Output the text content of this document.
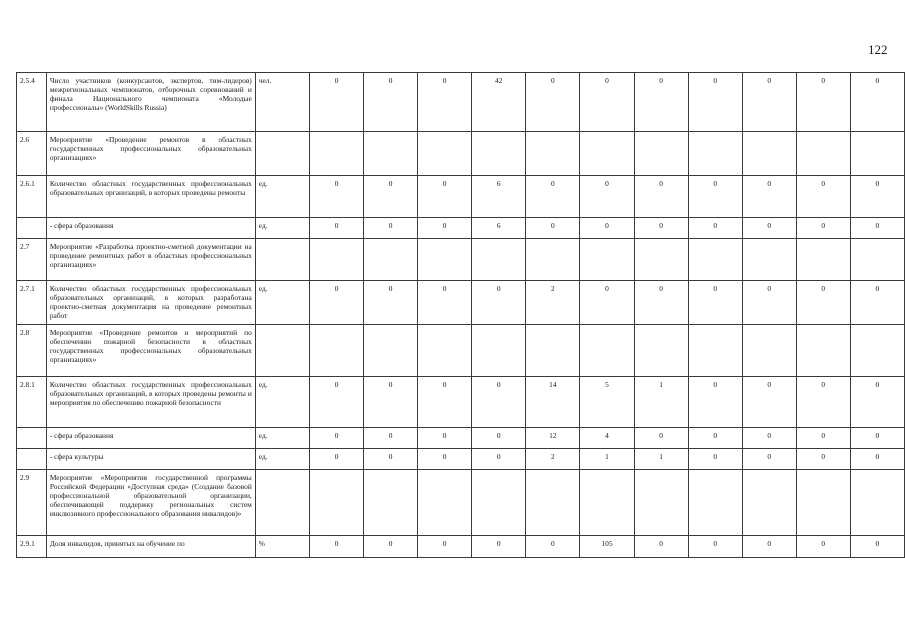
122
2.5.4	Число участников (конкурсантов, экспертов, тим-лидеров) межрегиональных чемпионатов, отборочных соревнований и финала Национального чемпионата «Молодые профессионалы» (WorldSkills Russia)	чел.	0	0	0	42	0	0	0	0	0	0	0
2.6	Мероприятие «Проведение ремонтов в областных государственных профессиональных образовательных организациях»												
2.6.1	Количество областных государственных профессиональных образовательных организаций, в которых проведены ремонты	ед.	0	0	0	6	0	0	0	0	0	0	0
	- сфера образования	ед.	0	0	0	6	0	0	0	0	0	0	0
2.7	Мероприятие «Разработка проектно-сметной документации на проведение ремонтных работ в областных профессиональных организациях»												
2.7.1	Количество областных государственных профессиональных образовательных организаций, в которых разработана проектно-сметная документация на проведение ремонтных работ	ед.	0	0	0	0	2	0	0	0	0	0	0
2.8	Мероприятие «Проведение ремонтов и мероприятий по обеспечению пожарной безопасности в областных государственных профессиональных образовательных организациях»												
2.8.1	Количество областных государственных профессиональных образовательных организаций, в которых проведены ремонты и мероприятия по обеспечению пожарной безопасности	ед.	0	0	0	0	14	5	1	0	0	0	0
	- сфера образования	ед.	0	0	0	0	12	4	0	0	0	0	0
	- сфера культуры	ед.	0	0	0	0	2	1	1	0	0	0	0
2.9	Мероприятие «Мероприятия государственной программы Российской Федерации «Доступная среда» (Создание базовой профессиональной образовательной организации, обеспечивающей поддержку региональных систем инклюзивного профессионального образования инвалидов)»												
2.9.1	Доля инвалидов, принятых на обучение по	%	0	0	0	0	0	105	0	0	0	0	0
